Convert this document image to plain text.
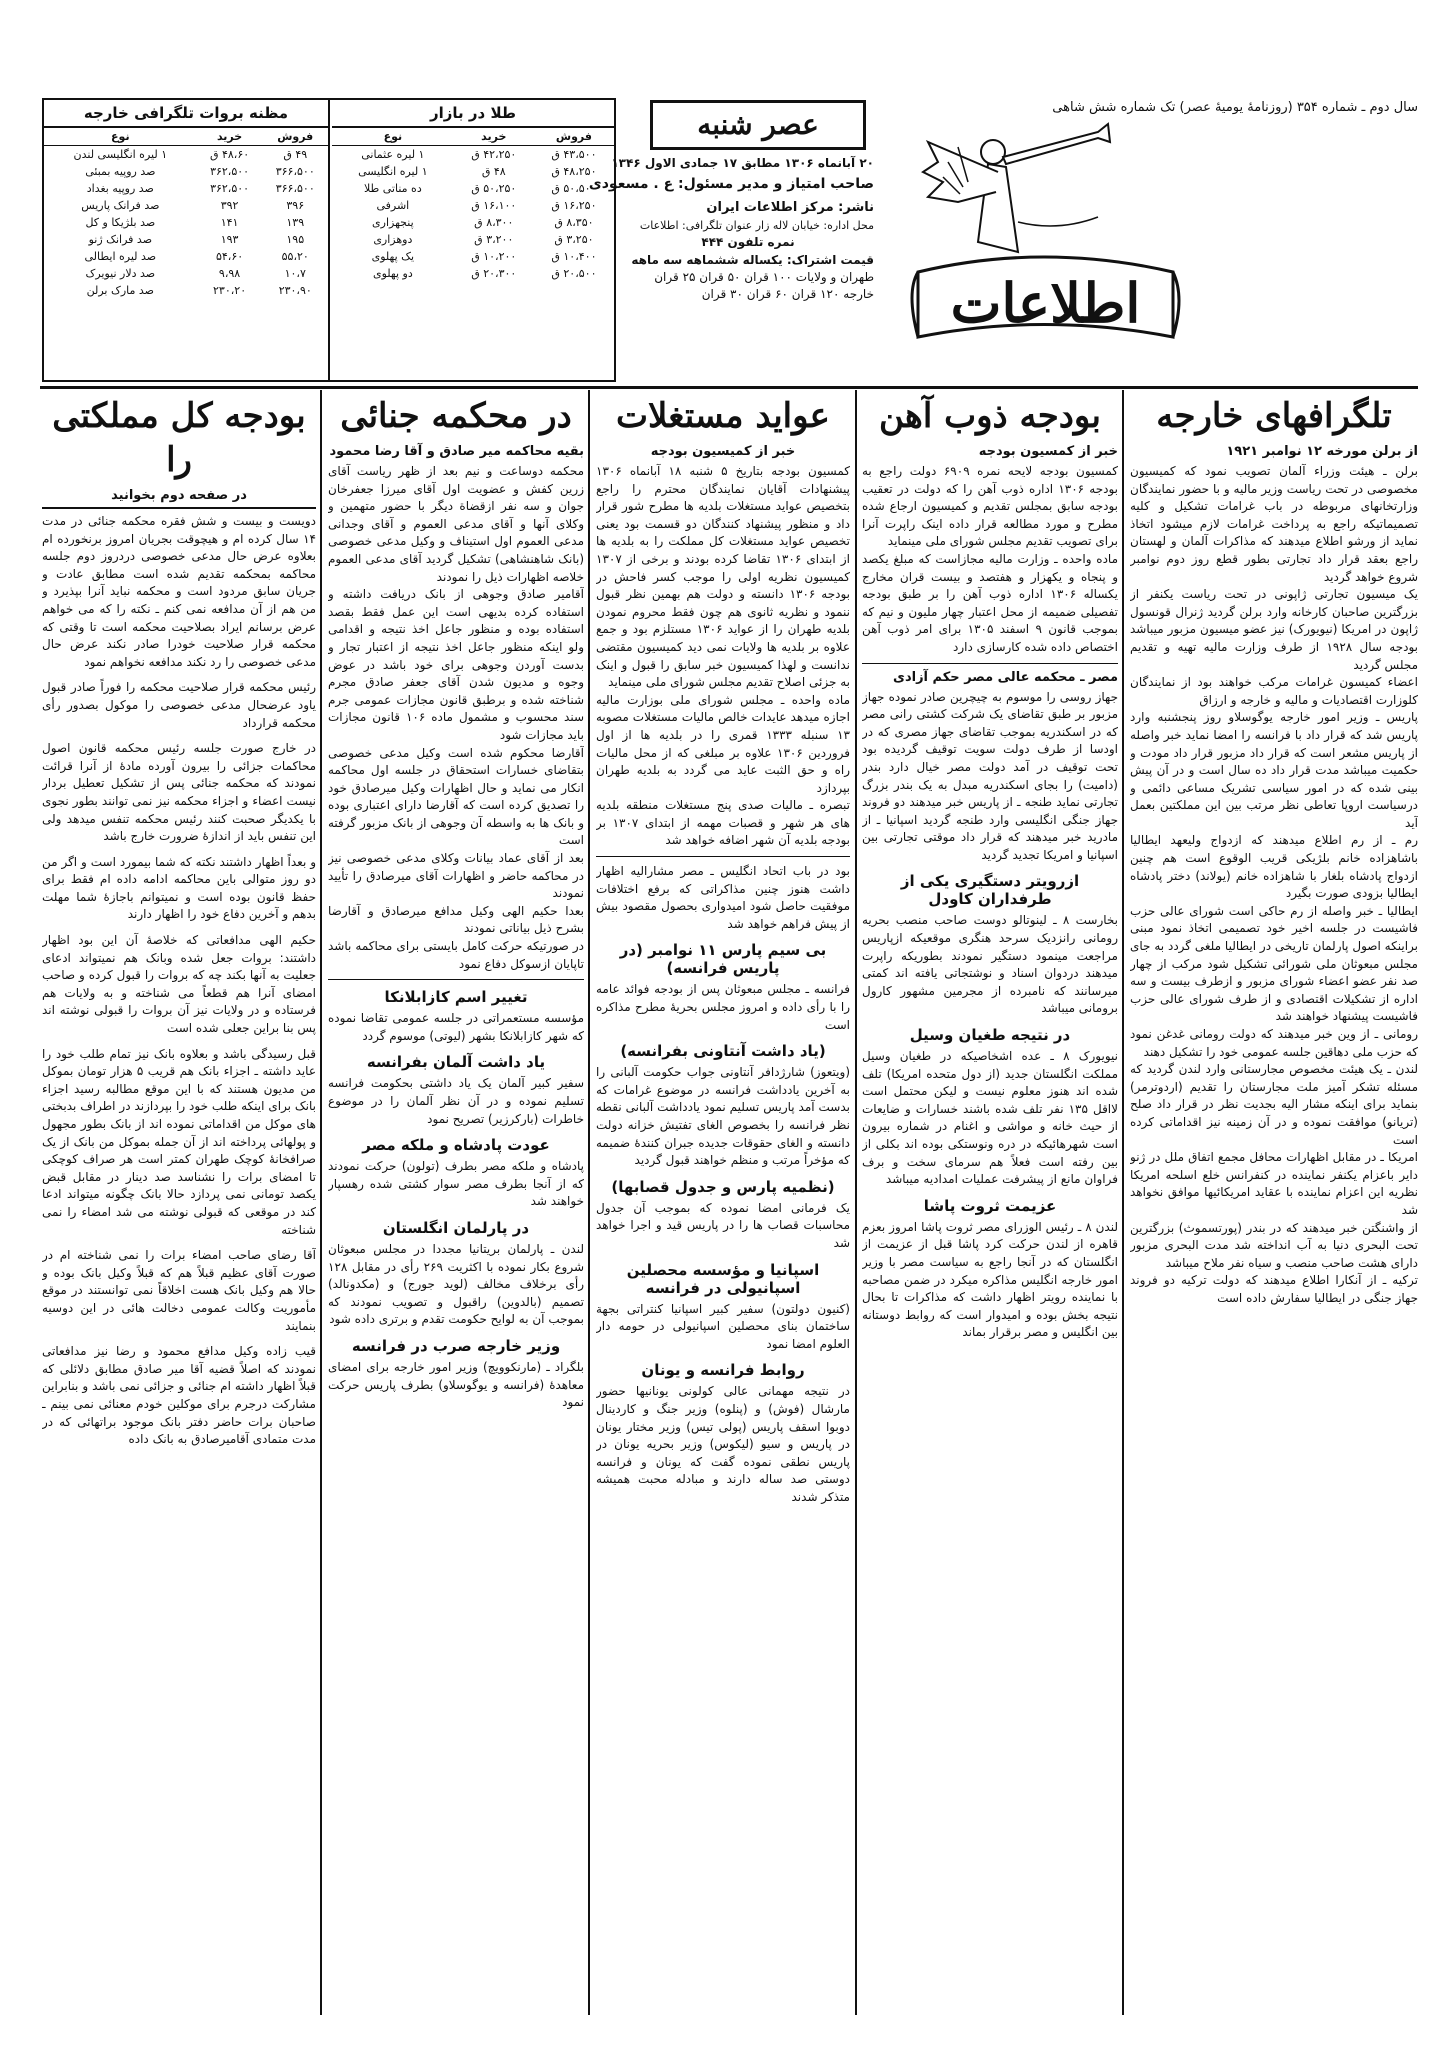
سال دوم ـ شماره ۳۵۴ (روزنامهٔ یومیهٔ عصر) تک شماره شش شاهی
اطلاعات
عصر شنبه
۲۰ آبانماه ۱۳۰۶ مطابق ۱۷ جمادی الاول ۱۳۴۶
صاحب امتیاز و مدیر مسئول: ع . مسعودی
ناشر: مرکز اطلاعات ایران
محل اداره: خیابان لاله زار عنوان تلگرافی: اطلاعات
نمره تلفون ۴۴۴
قیمت اشتراک: یکساله ششماهه سه ماهه
طهران و ولایات ۱۰۰ قران ۵۰ قران ۲۵ قران
خارجه ۱۲۰ قران ۶۰ قران ۳۰ قران
طلا در بازار
نوع	خرید	فروش
۱ لیره عثمانی	۴۲،۲۵۰ ق	۴۳،۵۰۰ ق
۱ لیره انگلیسی	۴۸ ق	۴۸،۲۵۰ ق
ده مناتی طلا	۵۰،۲۵۰ ق	۵۰،۵۰۰ ق
اشرفی	۱۶،۱۰۰ ق	۱۶،۲۵۰ ق
پنجهزاری	۸،۳۰۰ ق	۸،۳۵۰ ق
دوهزاری	۳،۲۰۰ ق	۳،۲۵۰ ق
یک پهلوی	۱۰،۲۰۰ ق	۱۰،۴۰۰ ق
دو پهلوی	۲۰،۳۰۰ ق	۲۰،۵۰۰ ق
مظنه بروات تلگرافی خارجه
نوع	خرید	فروش
۱ لیره انگلیسی لندن	۴۸،۶۰ ق	۴۹ ق
صد روپیه بمبئی	۳۶۲،۵۰۰	۳۶۶،۵۰۰
صد روپیه بغداد	۳۶۲،۵۰۰	۳۶۶،۵۰۰
صد فرانک پاریس	۳۹۲	۳۹۶
صد بلژیکا و کل	۱۴۱	۱۳۹
صد فرانک ژنو	۱۹۳	۱۹۵
صد لیره ایطالی	۵۴،۶۰	۵۵،۲۰
صد دلار نیویرک	۹،۹۸	۱۰،۷
صد مارک برلن	۲۳۰،۲۰	۲۳۰،۹۰
تلگرافهای خارجه
از برلن مورخه ۱۲ نوامبر ۱۹۲۱

برلن ـ هیئت وزراء آلمان تصویب نمود که کمیسیون مخصوصی در تحت ریاست وزیر مالیه و با حضور نمایندگان وزارتخانهای مربوطه در باب غرامات تشکیل و کلیه تصمیماتیکه راجع به پرداخت غرامات لازم میشود اتخاذ نماید از ورشو اطلاع میدهند که مذاکرات آلمان و لهستان راجع بعقد قرار داد تجارتی بطور قطع روز دوم نوامبر شروع خواهد گردید

یک میسیون تجارتی ژاپونی در تحت ریاست یکنفر از بزرگترین صاحبان کارخانه وارد برلن گردید ژنرال قونسول ژاپون در امریکا (نیویورک) نیز عضو میسیون مزبور میباشد بودجه سال ۱۹۲۸ از طرف وزارت مالیه تهیه و تقدیم مجلس گردید

اعضاء کمیسون غرامات مرکب خواهند بود از نمایندگان کلوزارت اقتصادیات و مالیه و خارجه و ارزاق

پاریس ـ وزیر امور خارجه یوگوسلاو روز پنجشنبه وارد پاریس شد که قرار داد با فرانسه را امضا نماید خبر واصله از پاریس مشعر است که قرار داد مزبور قرار داد مودت و حکمیت میباشد مدت قرار داد ده سال است و در آن پیش بینی شده که در امور سیاسی تشریک مساعی دائمی و درسیاست اروپا تعاطی نظر مرتب بین این مملکتین بعمل آید

رم ـ از رم اطلاع میدهند که ازدواج ولیعهد ایطالیا باشاهزاده خانم بلژیکی قریب الوقوع است هم چنین ازدواج پادشاه بلغار با شاهزاده خانم (یولاند) دختر پادشاه ایطالیا بزودی صورت بگیرد

ایطالیا ـ خبر واصله از رم حاکی است شورای عالی حزب فاشیست در جلسه اخیر خود تصمیمی اتخاذ نمود مبنی براینکه اصول پارلمان تاریخی در ایطالیا ملغی گردد به جای مجلس مبعوثان ملی شورائی تشکیل شود مرکب از چهار صد نفر عضو اعضاء شورای مزبور و ازطرف بیست و سه اداره از تشکیلات اقتصادی و از طرف شورای عالی حزب فاشیست پیشنهاد خواهند شد

رومانی ـ از وین خبر میدهند که دولت رومانی غدغن نمود که حزب ملی دهاقین جلسه عمومی خود را تشکیل دهند

لندن ـ یک هیئت مخصوص مجارستانی وارد لندن گردید که مسئله تشکر آمیز ملت مجارستان را تقدیم (اردوترمر) بنماید برای اینکه مشار الیه بجدیت نظر در قرار داد صلح (تریانو) موافقت نموده و در آن زمینه نیز اقداماتی کرده است

امریکا ـ در مقابل اظهارات محافل مجمع اتفاق ملل در ژنو دایر باعزام یکنفر نماینده در کنفرانس خلع اسلحه امریکا نظریه این اعزام نماینده با عقاید امریکائیها موافق نخواهد شد

از واشنگتن خبر میدهند که در بندر (پورتسموث) بزرگترین تحت البحری دنیا به آب انداخته شد مدت البحری مزبور دارای هشت صاحب منصب و سیاه نفر ملاح میباشد

ترکیه ـ از آنکارا اطلاع میدهند که دولت ترکیه دو فروند جهاز جنگی در ایطالیا سفارش داده است

بودجه ذوب آهن
خبر از کمسیون بودجه

کمسیون بودجه لایحه نمره ۶۹۰۹ دولت راجع به بودجه ۱۳۰۶ اداره ذوب آهن را که دولت در تعقیب بودجه سابق بمجلس تقدیم و کمیسیون ارجاع شده مطرح و مورد مطالعه قرار داده اینک راپرت آنرا برای تصویب تقدیم مجلس شورای ملی مینماید

ماده واحده ـ وزارت مالیه مجازاست که مبلغ یکصد و پنجاه و یکهزار و هفتصد و بیست قران مخارج یکساله ۱۳۰۶ اداره ذوب آهن را بر طبق بودجه تفصیلی ضمیمه از محل اعتبار چهار ملیون و نیم که بموجب قانون ۹ اسفند ۱۳۰۵ برای امر ذوب آهن اختصاص داده شده کارسازی دارد

مصر ـ محکمه عالی مصر حکم آزادی

جهاز روسی را موسوم به چیچرین صادر نموده جهاز مزبور بر طبق تقاضای یک شرکت کشتی رانی مصر که در اسکندریه بموجب تقاضای جهاز مصری که در اودسا از طرف دولت سویت توقیف گردیده بود تحت توقیف در آمد دولت مصر خیال دارد بندر (دامیت) را بجای اسکندریه مبدل به یک بندر بزرگ تجارتی نماید طنجه ـ از پاریس خبر میدهند دو فروند جهاز جنگی انگلیسی وارد طنجه گردید اسپانیا ـ از مادرید خبر میدهند که قرار داد موقتی تجارتی بین اسپانیا و امریکا تجدید گردید

ازرویتر دستگیری یکی از طرفداران کاودل

بخارست ۸ ـ لینوتالو دوست صاحب منصب بحریه رومانی رانزدیک سرحد هنگری موقعیکه ازپاریس مراجعت مینمود دستگیر نمودند بطوریکه راپرت میدهند دردوان اسناد و نوشتجاتی یافته اند کمتی میرسانند که نامبرده از مجرمین مشهور کارول برومانی میباشد

در نتیجه طغیان وسیل

نیویورک ۸ ـ عده اشخاصیکه در طغیان وسیل مملکت انگلستان جدید (از دول متحده امریکا) تلف شده اند هنوز معلوم نیست و لیکن محتمل است لااقل ۱۳۵ نفر تلف شده باشند خسارات و ضایعات از حیث خانه و مواشی و اغنام در شماره بیرون است شهرهائیکه در دره ونوستکی بوده اند بکلی از بین رفته است فعلاً هم سرمای سخت و برف فراوان مانع از پیشرفت عملیات امدادیه میباشد

عزیمت ثروت پاشا

لندن ۸ ـ رئیس الوزرای مصر ثروت پاشا امروز بعزم قاهره از لندن حرکت کرد پاشا قبل از عزیمت از انگلستان که در آنجا راجع به سیاست مصر با وزیر امور خارجه انگلیس مذاکره میکرد در ضمن مصاحبه با نماینده رویتر اظهار داشت که مذاکرات تا بحال نتیجه بخش بوده و امیدوار است که روابط دوستانه بین انگلیس و مصر برقرار بماند

عواید مستغلات
خبر از کمیسیون بودجه

کمسیون بودجه بتاریخ ۵ شنبه ۱۸ آبانماه ۱۳۰۶ پیشنهادات آقایان نمایندگان محترم را راجع بتخصیص عواید مستغلات بلدیه ها مطرح شور قرار داد و منظور پیشنهاد کنندگان دو قسمت بود یعنی تخصیص عواید مستغلات کل مملکت را به بلدیه ها از ابتدای ۱۳۰۶ تقاضا کرده بودند و برخی از ۱۳۰۷ کمیسیون نظریه اولی را موجب کسر فاحش در بودجه ۱۳۰۶ دانسته و دولت هم بهمین نظر قبول ننمود و نظریه ثانوی هم چون فقط محروم نمودن بلدیه طهران را از عواید ۱۳۰۶ مستلزم بود و جمع علاوه بر بلدیه ها ولایات نمی دید کمیسیون مقتضی ندانست و لهذا کمیسیون خبر سابق را قبول و اینک به جزئی اصلاح تقدیم مجلس شورای ملی مینماید

ماده واحده ـ مجلس شورای ملی بوزارت مالیه اجازه میدهد عایدات خالص مالیات مستغلات مصوبه ۱۳ سنبله ۱۳۳۳ قمری را در بلدیه ها از اول فروردین ۱۳۰۶ علاوه بر مبلغی که از محل مالیات راه و حق الثبت عاید می گردد به بلدیه طهران بپردازد

تبصره ـ مالیات صدی پنج مستغلات منطقه بلدیه های هر شهر و قصبات مهمه از ابتدای ۱۳۰۷ بر بودجه بلدیه آن شهر اضافه خواهد شد

بود در باب اتحاد انگلیس ـ مصر مشارالیه اظهار داشت هنوز چنین مذاکراتی که برفع اختلافات موفقیت حاصل شود امیدواری بحصول مقصود بیش از پیش فراهم خواهد شد

بی سیم پارس ۱۱ نوامبر (در پاریس فرانسه)

فرانسه ـ مجلس مبعوثان پس از بودجه فوائد عامه را با رأی داده و امروز مجلس بحریهٔ مطرح مذاکره است

(یاد داشت آنتاونی بفرانسه)

(ویتعوز) شارژدافر آنتاونی جواب حکومت آلبانی را به آخرین یادداشت فرانسه در موضوع غرامات که بدست آمد پاریس تسلیم نمود یادداشت آلبانی نقطه نظر فرانسه را بخصوص الغای تفتیش خزانه دولت دانسته و الغای حقوقات جدیده جبران کنندهٔ ضمیمه که مؤخراً مرتب و منظم خواهند قبول گردید

(نظمیه پارس و جدول قصابها)

یک فرمانی امضا نموده که بموجب آن جدول محاسبات قصاب ها را در پاریس قید و اجرا خواهد شد

اسپانیا و مؤسسه محصلین اسپانیولی در فرانسه

(کنیون دولتون) سفیر کبیر اسپانیا کنتراتی بجهة ساختمان بنای محصلین اسپانیولی در حومه دار العلوم امضا نمود

روابط فرانسه و یونان

در نتیجه مهمانی عالی کولونی یونانیها حضور مارشال (فوش) و (پنلوه) وزیر جنگ و کاردینال دوبوا اسقف پاریس (پولی تیس) وزیر مختار یونان در پاریس و سیو (لیکوس) وزیر بحریه یونان در پاریس نطقی نموده گفت که یونان و فرانسه دوستی صد ساله دارند و مبادله محبت همیشه متذکر شدند

در محکمه جنائی
بقیه محاکمه میر صادق و آقا رضا محمود

محکمه دوساعت و نیم بعد از ظهر ریاست آقای زرین کفش و عضویت اول آقای میرزا جعفرخان جوان و سه نفر ازقضاة دیگر با حضور متهمین و وکلای آنها و آقای مدعی العموم و آقای وجدانی مدعی العموم اول استیناف و وکیل مدعی خصوصی (بانک شاهنشاهی) تشکیل گردید آقای مدعی العموم خلاصه اظهارات ذیل را نمودند

آقامیر صادق وجوهی از بانک دریافت داشته و استفاده کرده بدیهی است این عمل فقط بقصد استفاده بوده و منظور جاعل اخذ نتیجه و اقدامی ولو اینکه منظور جاعل اخذ نتیجه از اعتبار تجار و بدست آوردن وجوهی برای خود باشد در عوض وجوه و مدیون شدن آقای جعفر صادق مجرم شناخته شده و برطبق قانون مجازات عمومی جرم سند محسوب و مشمول ماده ۱۰۶ قانون مجازات باید مجازات شود

آقارضا محکوم شده است وکیل مدعی خصوصی بتقاضای خسارات استحقاق در جلسه اول محاکمه انکار می نماید و حال اظهارات وکیل میرصادق خود را تصدیق کرده است که آقارضا دارای اعتباری بوده و بانک ها به واسطه آن وجوهی از بانک مزبور گرفته است

بعد از آقای عماد بیانات وکلای مدعی خصوصی نیز در محاکمه حاضر و اظهارات آقای میرصادق را تأیید نمودند

بعدا حکیم الهی وکیل مدافع میرصادق و آقارضا بشرح ذیل بیاناتی نمودند

در صورتیکه حرکت کامل بایستی برای محاکمه باشد تاپایان ازسوکل دفاع نمود

تغییر اسم کازابلانکا

مؤسسه مستعمراتی در جلسه عمومی تقاضا نموده که شهر کازابلانکا بشهر (لیوتی) موسوم گردد

یاد داشت آلمان بفرانسه

سفیر کبیر آلمان یک یاد داشتی بحکومت فرانسه تسلیم نموده و در آن نظر آلمان را در موضوع خاطرات (بارکرزیر) تصریح نمود

عودت پادشاه و ملکه مصر

پادشاه و ملکه مصر بطرف (تولون) حرکت نمودند که از آنجا بطرف مصر سوار کشتی شده رهسپار خواهند شد

در پارلمان انگلستان

لندن ـ پارلمان بریتانیا مجددا در مجلس مبعوثان شروع بکار نموده با اکثریت ۲۶۹ رأی در مقابل ۱۲۸ رأی برخلاف مخالف (لوید جورج) و (مکدونالد) تصمیم (بالدوین) راقبول و تصویب نمودند که بموجب آن به لوایح حکومت تقدم و برتری داده شود

وزیر خارجه صرب در فرانسه

بلگراد ـ (مارنکوویچ) وزیر امور خارجه برای امضای معاهدهٔ (فرانسه و یوگوسلاو) بطرف پاریس حرکت نمود

بودجه کل مملکتی را
در صفحه دوم بخوانید

دویست و بیست و شش فقره محکمه جنائی در مدت ۱۴ سال کرده ام و هیچوقت بجریان امروز برنخورده ام بعلاوه عرض حال مدعی خصوصی دردروز دوم جلسه محاکمه بمحکمه تقدیم شده است مطابق عادت و جریان سابق مردود است و محکمه نباید آنرا بپذیرد و من هم از آن مدافعه نمی کنم ـ نکته را که می خواهم عرض برسانم ایراد بصلاحیت محکمه است تا وقتی که محکمه قرار صلاحیت خودرا صادر نکند عرض حال مدعی خصوصی را رد نکند مدافعه نخواهم نمود

رئیس محکمه قرار صلاحیت محکمه را فوراً صادر قبول یاود عرضحال مدعی خصوصی را موکول بصدور رأی محکمه قرارداد

در خارج صورت جلسه رئیس محکمه قانون اصول محاکمات جزائی را بیرون آورده مادهٔ از آنرا قرائت نمودند که محکمه جنائی پس از تشکیل تعطیل بردار نیست اعضاء و اجزاء محکمه نیز نمی توانند بطور نجوی با یکدیگر صحبت کنند رئیس محکمه تنفس میدهد ولی این تنفس باید از اندازهٔ ضرورت خارج باشد

و بعداً اظهار داشتند نکته که شما بیمورد است و اگر من دو روز متوالی باین محاکمه ادامه داده ام فقط برای حفظ قانون بوده است و نمیتوانم باجازهٔ شما مهلت بدهم و آخرین دفاع خود را اظهار دارند

حکیم الهی مدافعاتی که خلاصهٔ آن این بود اظهار داشتند: بروات جعل شده وبانک هم نمیتواند ادعای جعلیت به آنها بکند چه که بروات را قبول کرده و صاحب امضای آنرا هم قطعاً می شناخته و به ولایات هم فرستاده و در ولایات نیز آن بروات را قبولی نوشته اند پس بنا براین جعلی شده است

قبل رسیدگی باشد و بعلاوه بانک نیز تمام طلب خود را عاید داشته ـ اجزاء بانک هم قریب ۵ هزار تومان بموکل من مدیون هستند که با این موقع مطالبه رسید اجزاء بانک برای اینکه طلب خود را بپردازند در اطراف بدبختی های موکل من اقداماتی نموده اند از بانک بطور مجهول و پولهائی پرداخته اند از آن جمله بموکل من بانک از یک صرافخانهٔ کوچک طهران کمتر است هر صراف کوچکی تا امضای برات را نشناسد صد دینار در مقابل قبض یکصد تومانی نمی پردازد حالا بانک چگونه میتواند ادعا کند در موقعی که قبولی نوشته می شد امضاء را نمی شناخته

آقا رضای صاحب امضاء برات را نمی شناخته ام در صورت آقای عظیم قبلاً هم که قبلاً وکیل بانک بوده و حالا هم وکیل بانک هست اخلاقاً نمی توانستند در موقع مأموریت وکالت عمومی دخالت هائی در این دوسیه بنمایند

قیب زاده وکیل مدافع محمود و رضا نیز مدافعاتی نمودند که اصلاً قضیه آقا میر صادق مطابق دلائلی که قبلاً اظهار داشته ام جنائی و جزائی نمی باشد و بنابراین مشارکت درجرم برای موکلین خودم معنائی نمی بینم ـ صاحبان برات حاضر دفتر بانک موجود براتهائی که در مدت متمادی آقامیرصادق به بانک داده
